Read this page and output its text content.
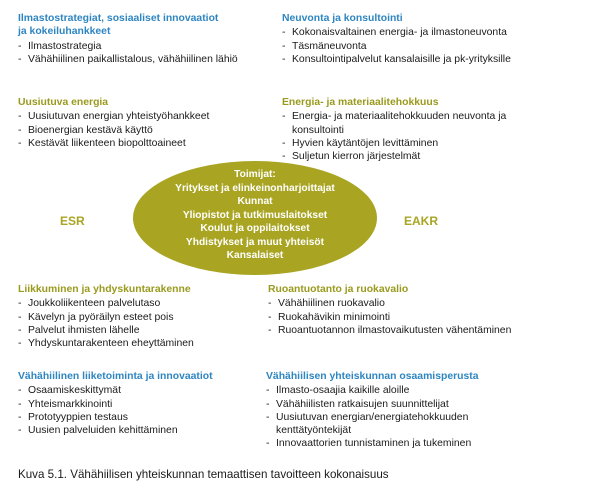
Ilmastostrategiat, sosiaaliset innovaatiot
ja kokeiluhankkeet
- Ilmastostrategia
- Vähähiilinen paikallistalous, vähähiilinen lähiö
Neuvonta ja konsultointi
- Kokonaisvaltainen energia- ja ilmastoneuvonta
- Täsmäneuvonta
- Konsultointipalvelut kansalaisille ja pk-yrityksille
Uusiutuva energia
- Uusiutuvan energian yhteistyöhankkeet
- Bioenergian kestävä käyttö
- Kestävät liikenteen biopolttoaineet
Energia- ja materiaalitehokkuus
- Energia- ja materiaalitehokkuuden neuvonta ja
konsultointi
- Hyvien käytäntöjen levittäminen
- Suljetun kierron järjestelmät
ESR	EAKR
Toimijat:
Yritykset ja elinkeinonharjoittajat
Kunnat
Yliopistot ja tutkimuslaitokset
Koulut ja oppilaitokset
Yhdistykset ja muut yhteisöt
Kansalaiset
Liikkuminen ja yhdyskuntarakenne
- Joukkoliikenteen palvelutaso
- Kävelyn ja pyöräilyn esteet pois
- Palvelut ihmisten lähelle
- Yhdyskuntarakenteen eheyttäminen
Ruoantuotanto ja ruokavalio
- Vähähiilinen ruokavalio
- Ruokahävikin minimointi
- Ruoantuotannon ilmastovaikutusten vähentäminen
Vähähiilinen liiketoiminta ja innovaatiot
- Osaamiskeskittymät
- Yhteismarkkinointi
- Prototyyppien testaus
- Uusien palveluiden kehittäminen
Vähähiilisen yhteiskunnan osaamisperusta
- Ilmasto-osaajia kaikille aloille
- Vähähiilisten ratkaisujen suunnittelijat
- Uusiutuvan energian/energiatehokkuuden
kenttätyöntekijät
- Innovaattorien tunnistaminen ja tukeminen
Kuva 5.1. Vähähiilisen yhteiskunnan temaattisen tavoitteen kokonaisuus
